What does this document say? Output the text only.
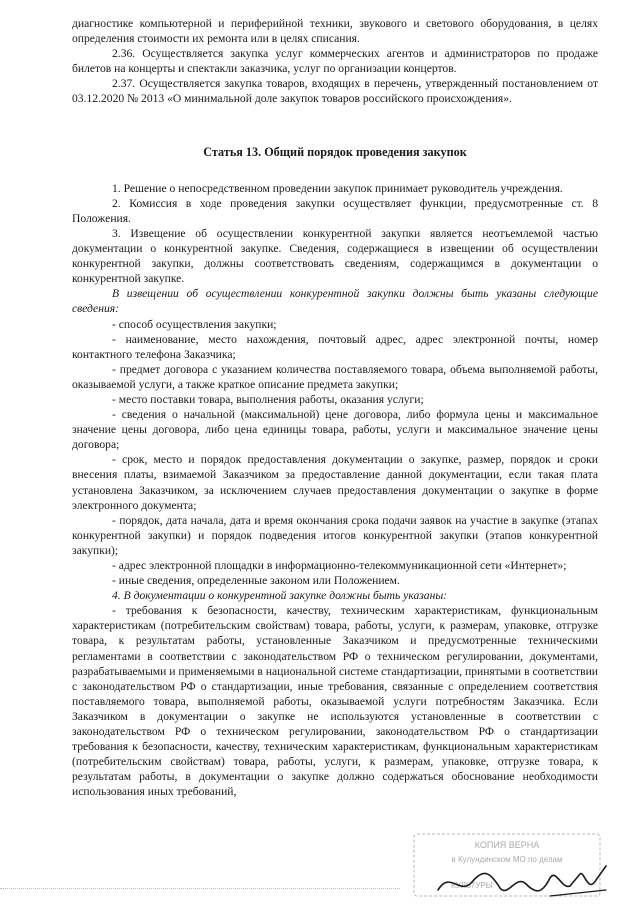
диагностике компьютерной и периферийной техники, звукового и светового оборудования, в целях определения стоимости их ремонта или в целях списания.

2.36. Осуществляется закупка услуг коммерческих агентов и администраторов по продаже билетов на концерты и спектакли заказчика, услуг по организации концертов.

2.37. Осуществляется закупка товаров, входящих в перечень, утвержденный постановлением от 03.12.2020 № 2013 «О минимальной доле закупок товаров российского происхождения».

Статья 13. Общий порядок проведения закупок

1. Решение о непосредственном проведении закупок принимает руководитель учреждения.

2. Комиссия в ходе проведения закупки осуществляет функции, предусмотренные ст. 8 Положения.

3. Извещение об осуществлении конкурентной закупки является неотъемлемой частью документации о конкурентной закупке. Сведения, содержащиеся в извещении об осуществлении конкурентной закупки, должны соответствовать сведениям, содержащимся в документации о конкурентной закупке.

В извещении об осуществлении конкурентной закупки должны быть указаны следующие сведения:

- способ осуществления закупки;

- наименование, место нахождения, почтовый адрес, адрес электронной почты, номер контактного телефона Заказчика;

- предмет договора с указанием количества поставляемого товара, объема выполняемой работы, оказываемой услуги, а также краткое описание предмета закупки;

- место поставки товара, выполнения работы, оказания услуги;

- сведения о начальной (максимальной) цене договора, либо формула цены и максимальное значение цены договора, либо цена единицы товара, работы, услуги и максимальное значение цены договора;

- срок, место и порядок предоставления документации о закупке, размер, порядок и сроки внесения платы, взимаемой Заказчиком за предоставление данной документации, если такая плата установлена Заказчиком, за исключением случаев предоставления документации о закупке в форме электронного документа;

- порядок, дата начала, дата и время окончания срока подачи заявок на участие в закупке (этапах конкурентной закупки) и порядок подведения итогов конкурентной закупки (этапов конкурентной закупки);

- адрес электронной площадки в информационно-телекоммуникационной сети «Интернет»;

- иные сведения, определенные законом или Положением.

4. В документации о конкурентной закупке должны быть указаны:

- требования к безопасности, качеству, техническим характеристикам, функциональным характеристикам (потребительским свойствам) товара, работы, услуги, к размерам, упаковке, отгрузке товара, к результатам работы, установленные Заказчиком и предусмотренные техническими регламентами в соответствии с законодательством РФ о техническом регулировании, документами, разрабатываемыми и применяемыми в национальной системе стандартизации, принятыми в соответствии с законодательством РФ о стандартизации, иные требования, связанные с определением соответствия поставляемого товара, выполняемой работы, оказываемой услуги потребностям Заказчика. Если Заказчиком в документации о закупке не используются установленные в соответствии с законодательством РФ о техническом регулировании, законодательством РФ о стандартизации требования к безопасности, качеству, техническим характеристикам, функциональным характеристикам (потребительским свойствам) товара, работы, услуги, к размерам, упаковке, отгрузке товара, к результатам работы, в документации о закупке должно содержаться обоснование необходимости использования иных требований,

КОПИЯ ВЕРНА
в Кулундинском МО по делам
КУЛЬТУРЫ
